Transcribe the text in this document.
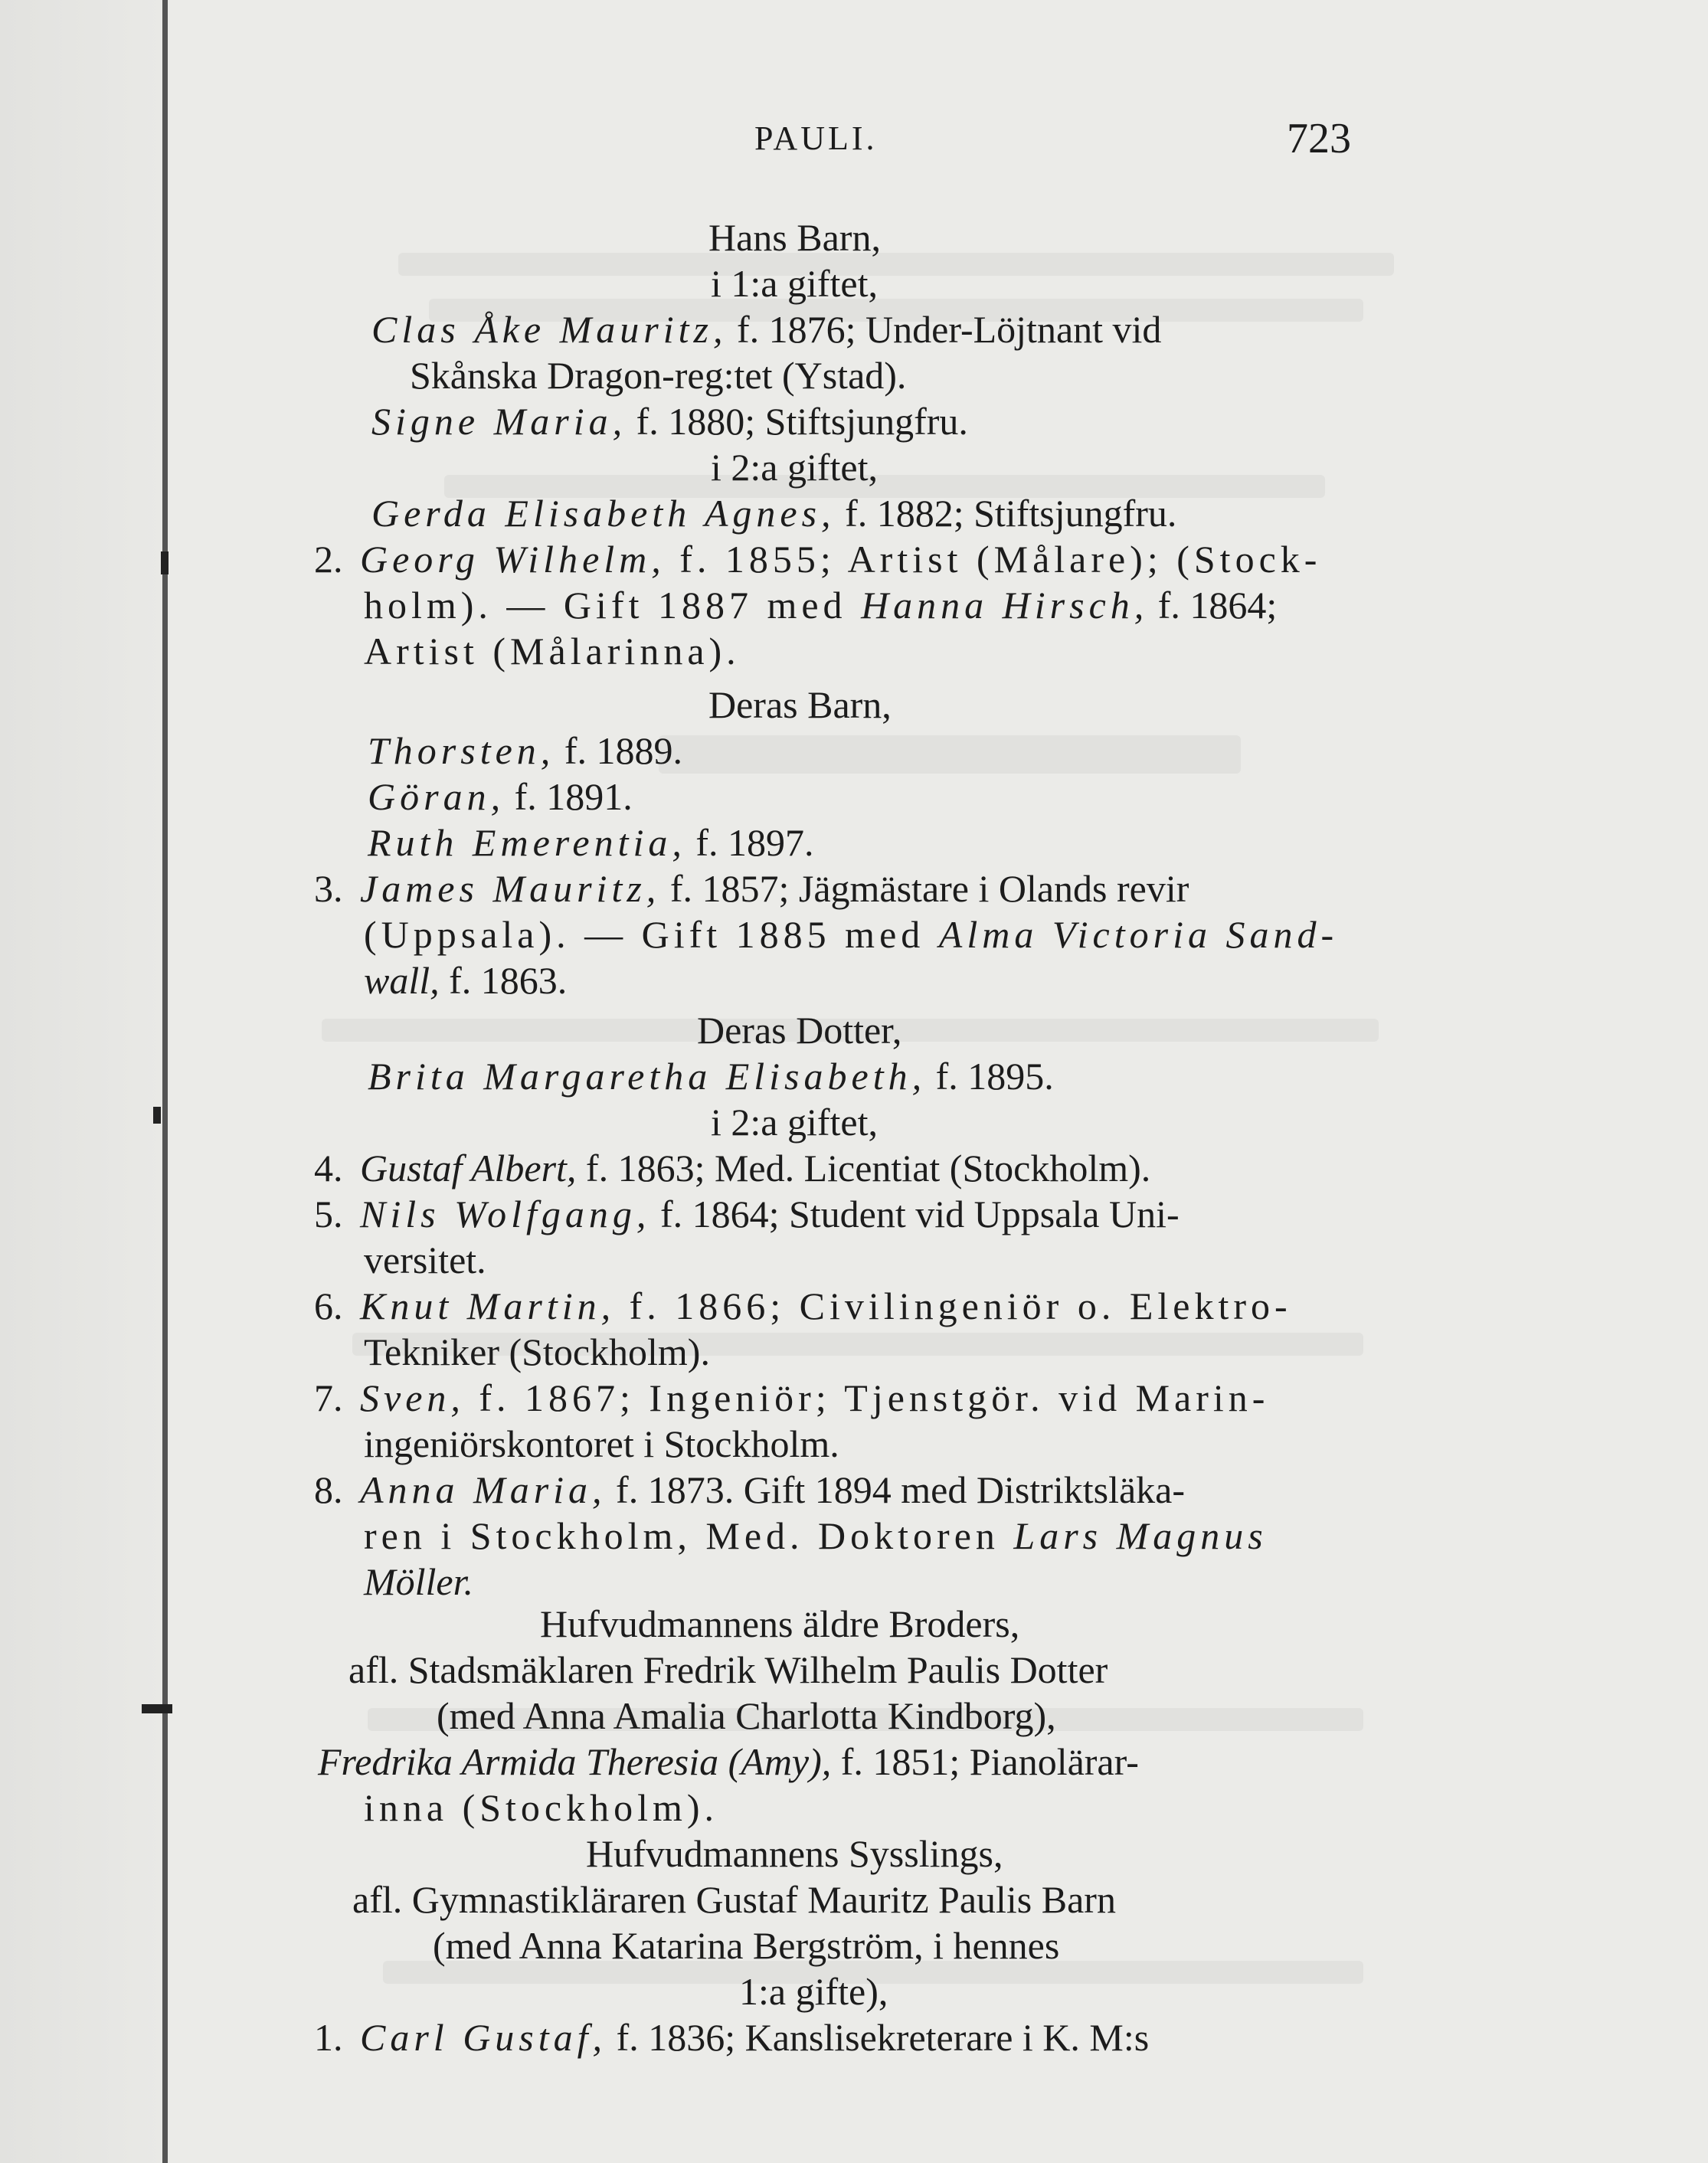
PAULI.	723
Hans Barn,
i 1:a giftet,
Clas Åke Mauritz, f. 1876; Under-Löjtnant vid
Skånska Dragon-reg:tet (Ystad).
Signe Maria, f. 1880; Stiftsjungfru.
i 2:a giftet,
Gerda Elisabeth Agnes, f. 1882; Stiftsjungfru.
2. Georg Wilhelm, f. 1855; Artist (Målare); (Stock-
holm). — Gift 1887 med Hanna Hirsch, f. 1864;
Artist (Målarinna).
Deras Barn,
Thorsten, f. 1889.
Göran, f. 1891.
Ruth Emerentia, f. 1897.
3. James Mauritz, f. 1857; Jägmästare i Olands revir
(Uppsala). — Gift 1885 med Alma Victoria Sand-
wall, f. 1863.
Deras Dotter,
Brita Margaretha Elisabeth, f. 1895.
i 2:a giftet,
4. Gustaf Albert, f. 1863; Med. Licentiat (Stockholm).
5. Nils Wolfgang, f. 1864; Student vid Uppsala Uni-
versitet.
6. Knut Martin, f. 1866; Civilingeniör o. Elektro-
Tekniker (Stockholm).
7. Sven, f. 1867; Ingeniör; Tjenstgör. vid Marin-
ingeniörskontoret i Stockholm.
8. Anna Maria, f. 1873. Gift 1894 med Distriktsläka-
ren i Stockholm, Med. Doktoren Lars Magnus
Möller.
Hufvudmannens äldre Broders,
afl. Stadsmäklaren Fredrik Wilhelm Paulis Dotter
(med Anna Amalia Charlotta Kindborg),
Fredrika Armida Theresia (Amy), f. 1851; Pianolärar-
inna (Stockholm).
Hufvudmannens Sysslings,
afl. Gymnastikläraren Gustaf Mauritz Paulis Barn
(med Anna Katarina Bergström, i hennes
1:a gifte),
1. Carl Gustaf, f. 1836; Kanslisekreterare i K. M:s
